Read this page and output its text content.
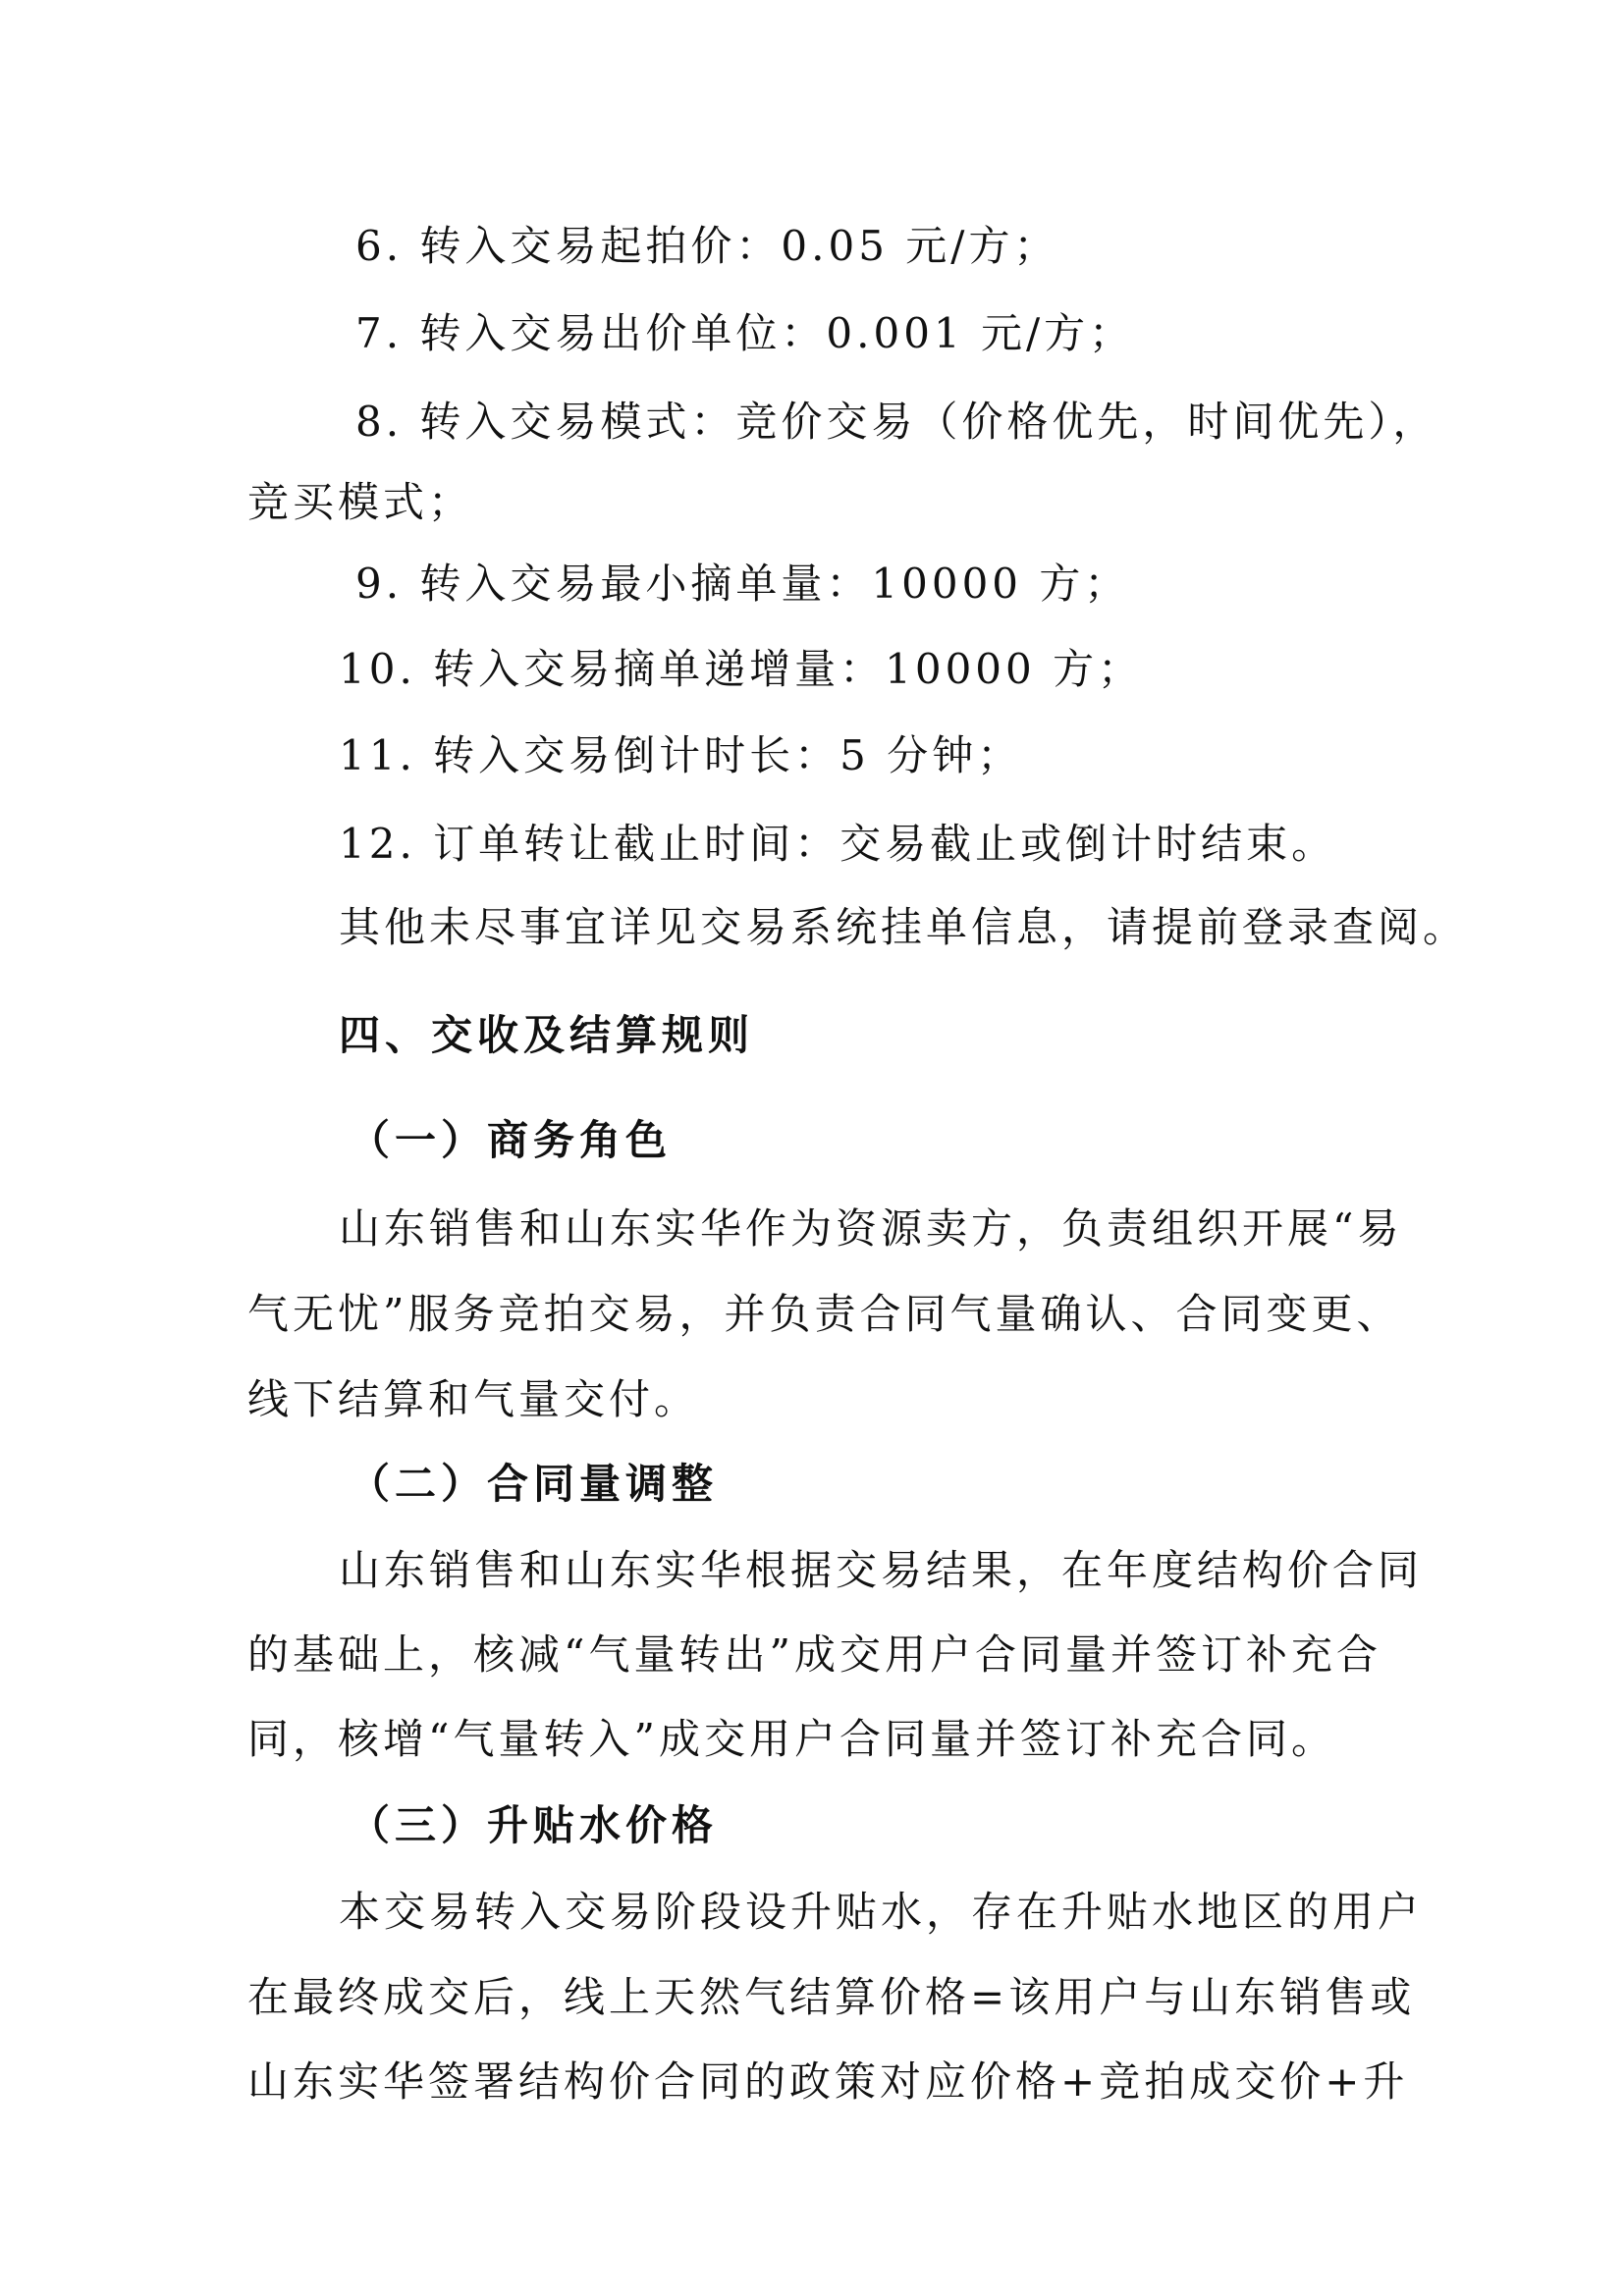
6. 转入交易起拍价：0.05 元/方；
7. 转入交易出价单位：0.001 元/方；
8. 转入交易模式：竞价交易（价格优先，时间优先），
竞买模式；
9. 转入交易最小摘单量：10000 方；
10. 转入交易摘单递增量：10000 方；
11. 转入交易倒计时长：5 分钟；
12. 订单转让截止时间：交易截止或倒计时结束。
其他未尽事宜详见交易系统挂单信息，请提前登录查阅。
四、交收及结算规则
（一）商务角色
山东销售和山东实华作为资源卖方，负责组织开展“易
气无忧”服务竞拍交易，并负责合同气量确认、合同变更、
线下结算和气量交付。
（二）合同量调整
山东销售和山东实华根据交易结果，在年度结构价合同
的基础上，核减“气量转出”成交用户合同量并签订补充合
同，核增“气量转入”成交用户合同量并签订补充合同。
（三）升贴水价格
本交易转入交易阶段设升贴水，存在升贴水地区的用户
在最终成交后，线上天然气结算价格=该用户与山东销售或
山东实华签署结构价合同的政策对应价格+竞拍成交价+升
